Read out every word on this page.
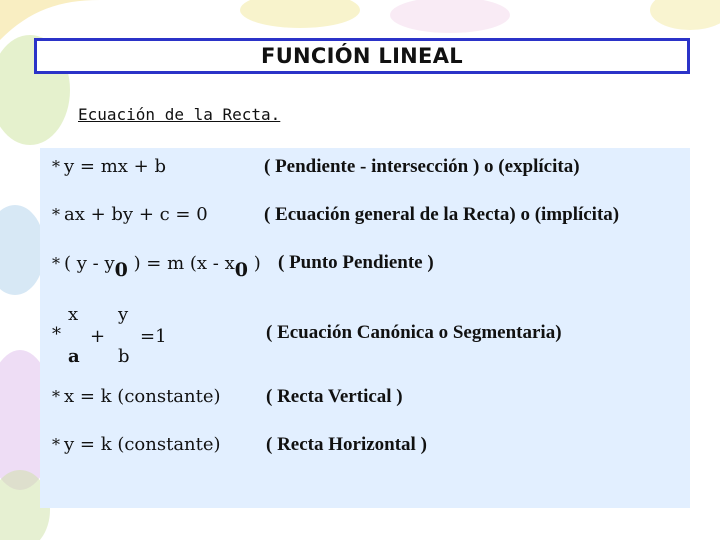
FUNCIÓN LINEAL
Ecuación de la Recta.
* y = mx + b	( Pendiente - intersección ) o (explícita)
* ax + by + c = 0	( Ecuación general de la Recta) o (implícita)
* ( y - y0 ) = m (x - x0 ) ( Punto Pendiente )
x y
* + =1
a b
( Ecuación Canónica o Segmentaria)
* x = k (constante) ( Recta Vertical )
* y = k (constante) ( Recta Horizontal )
